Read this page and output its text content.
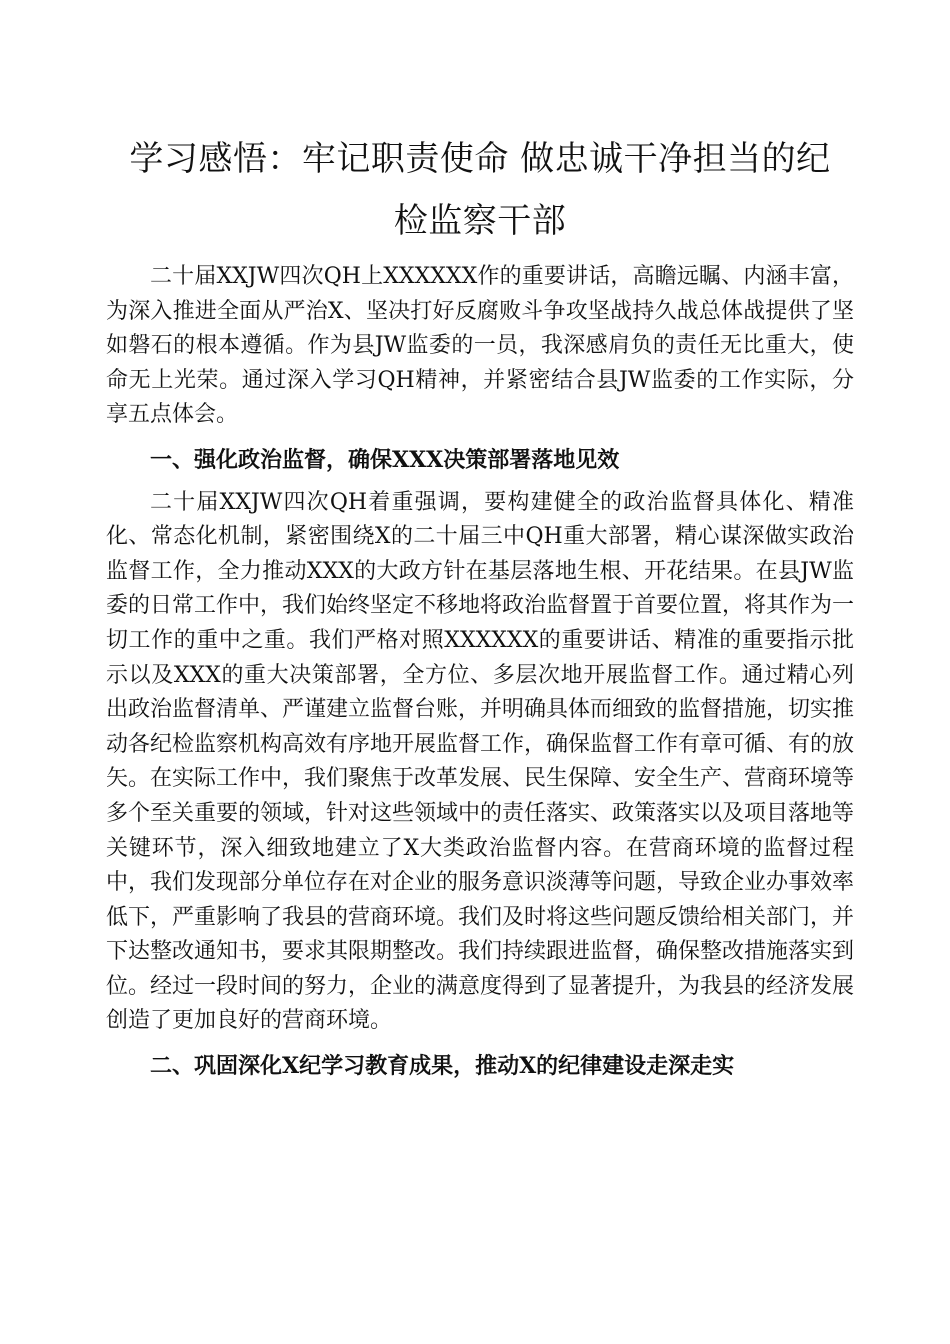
学习感悟：牢记职责使命 做忠诚干净担当的纪
检监察干部

二十届XXJW四次QH上XXXXXX作的重要讲话，高瞻远瞩、内涵丰富，为深入推进全面从严治X、坚决打好反腐败斗争攻坚战持久战总体战提供了坚如磐石的根本遵循。作为县JW监委的一员，我深感肩负的责任无比重大，使命无上光荣。通过深入学习QH精神，并紧密结合县JW监委的工作实际，分享五点体会。

一、强化政治监督，确保XXX决策部署落地见效

二十届XXJW四次QH着重强调，要构建健全的政治监督具体化、精准化、常态化机制，紧密围绕X的二十届三中QH重大部署，精心谋深做实政治监督工作，全力推动XXX的大政方针在基层落地生根、开花结果。在县JW监委的日常工作中，我们始终坚定不移地将政治监督置于首要位置，将其作为一切工作的重中之重。我们严格对照XXXXXX的重要讲话、精准的重要指示批示以及XXX的重大决策部署，全方位、多层次地开展监督工作。通过精心列出政治监督清单、严谨建立监督台账，并明确具体而细致的监督措施，切实推动各纪检监察机构高效有序地开展监督工作，确保监督工作有章可循、有的放矢。在实际工作中，我们聚焦于改革发展、民生保障、安全生产、营商环境等多个至关重要的领域，针对这些领域中的责任落实、政策落实以及项目落地等关键环节，深入细致地建立了X大类政治监督内容。在营商环境的监督过程中，我们发现部分单位存在对企业的服务意识淡薄等问题，导致企业办事效率低下，严重影响了我县的营商环境。我们及时将这些问题反馈给相关部门，并下达整改通知书，要求其限期整改。我们持续跟进监督，确保整改措施落实到位。经过一段时间的努力，企业的满意度得到了显著提升，为我县的经济发展创造了更加良好的营商环境。

二、巩固深化X纪学习教育成果，推动X的纪律建设走深走实
